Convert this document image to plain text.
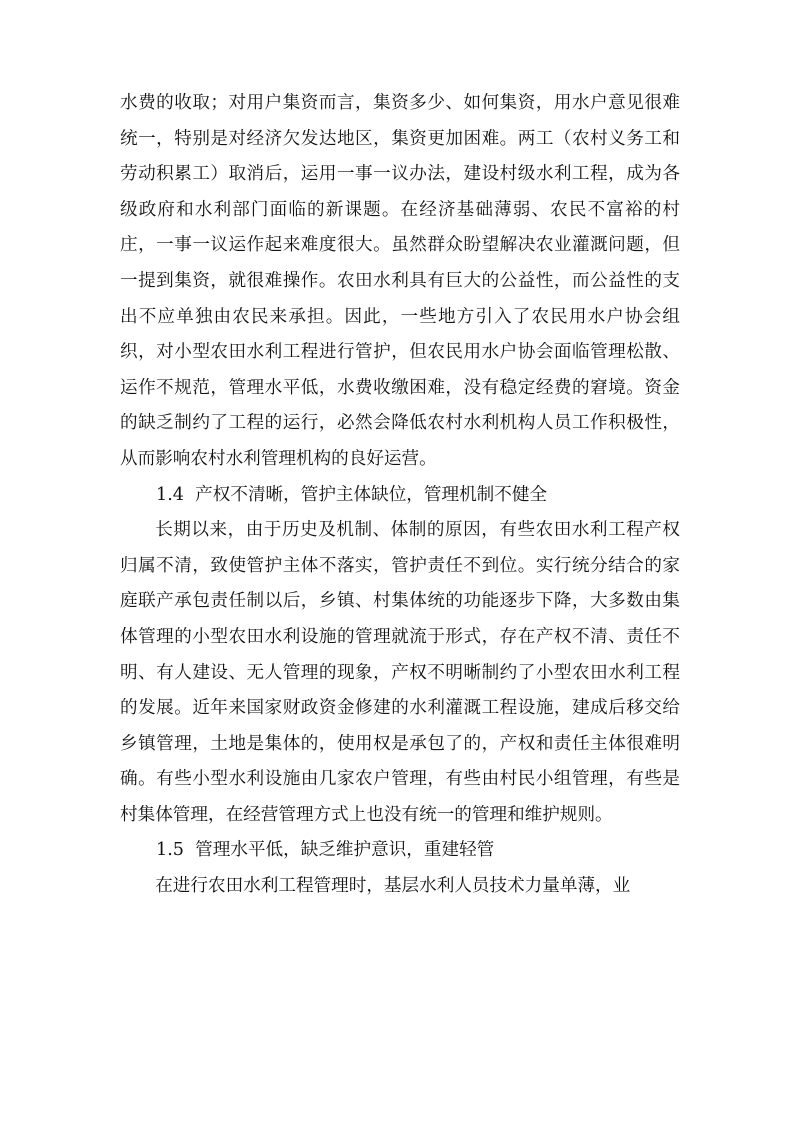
水费的收取；对用户集资而言，集资多少、如何集资，用水户意见很难统一，特别是对经济欠发达地区，集资更加困难。两工（农村义务工和劳动积累工）取消后，运用一事一议办法，建设村级水利工程，成为各级政府和水利部门面临的新课题。在经济基础薄弱、农民不富裕的村庄，一事一议运作起来难度很大。虽然群众盼望解决农业灌溉问题，但一提到集资，就很难操作。农田水利具有巨大的公益性，而公益性的支出不应单独由农民来承担。因此，一些地方引入了农民用水户协会组织，对小型农田水利工程进行管护，但农民用水户协会面临管理松散、运作不规范，管理水平低，水费收缴困难，没有稳定经费的窘境。资金的缺乏制约了工程的运行，必然会降低农村水利机构人员工作积极性，从而影响农村水利管理机构的良好运营。

1.4 产权不清晰，管护主体缺位，管理机制不健全

长期以来，由于历史及机制、体制的原因，有些农田水利工程产权归属不清，致使管护主体不落实，管护责任不到位。实行统分结合的家庭联产承包责任制以后，乡镇、村集体统的功能逐步下降，大多数由集体管理的小型农田水利设施的管理就流于形式，存在产权不清、责任不明、有人建设、无人管理的现象，产权不明晰制约了小型农田水利工程的发展。近年来国家财政资金修建的水利灌溉工程设施，建成后移交给乡镇管理，土地是集体的，使用权是承包了的，产权和责任主体很难明确。有些小型水利设施由几家农户管理，有些由村民小组管理，有些是村集体管理，在经营管理方式上也没有统一的管理和维护规则。

1.5 管理水平低，缺乏维护意识，重建轻管

在进行农田水利工程管理时，基层水利人员技术力量单薄，业
